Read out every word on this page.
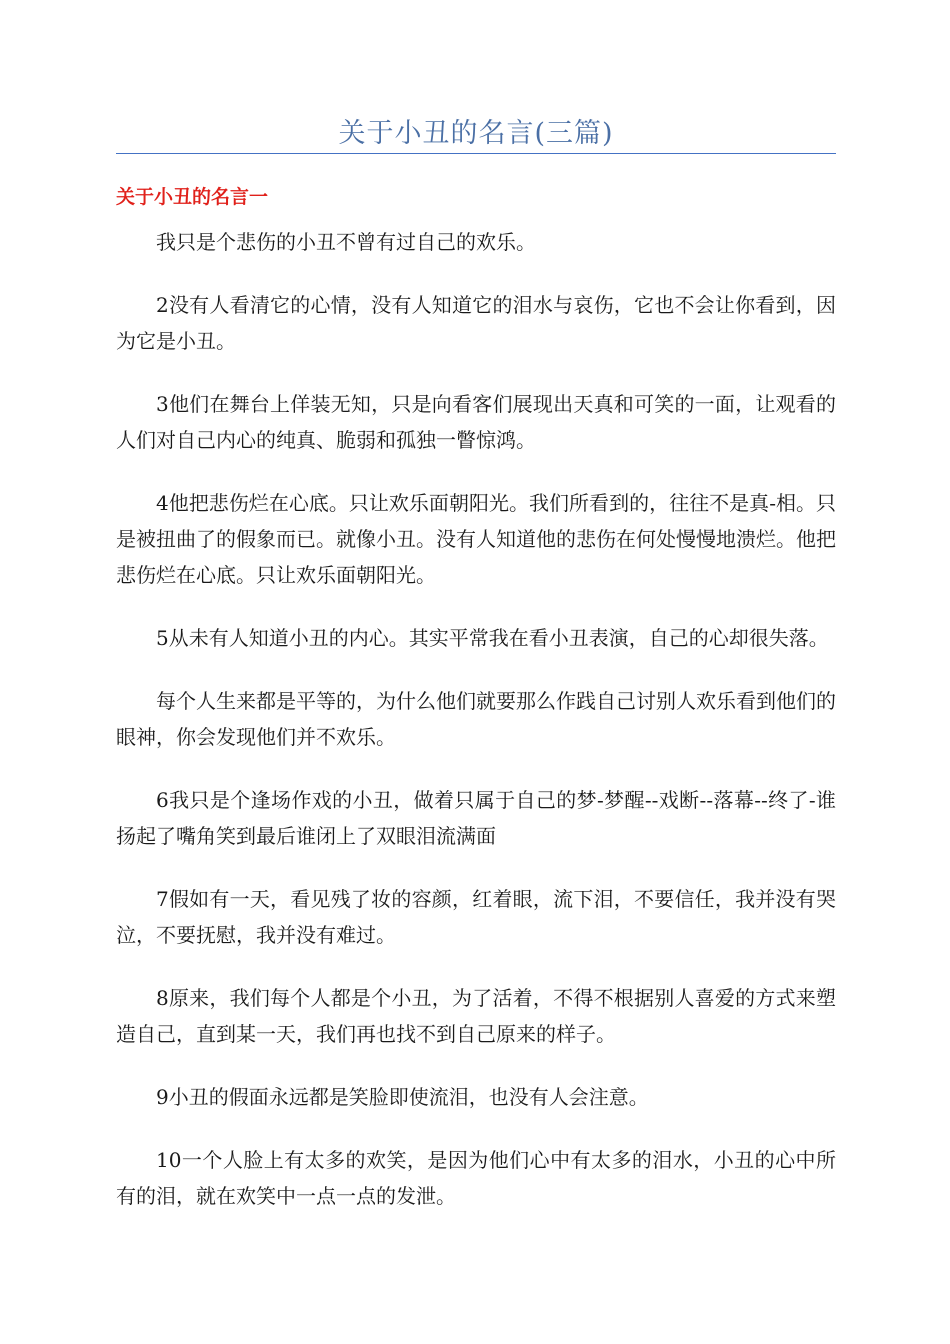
关于小丑的名言(三篇)
关于小丑的名言一

我只是个悲伤的小丑不曾有过自己的欢乐。

2没有人看清它的心情，没有人知道它的泪水与哀伤，它也不会让你看到，因为它是小丑。

3他们在舞台上佯装无知，只是向看客们展现出天真和可笑的一面，让观看的人们对自己内心的纯真、脆弱和孤独一瞥惊鸿。

4他把悲伤烂在心底。只让欢乐面朝阳光。我们所看到的，往往不是真-相。只是被扭曲了的假象而已。就像小丑。没有人知道他的悲伤在何处慢慢地溃烂。他把悲伤烂在心底。只让欢乐面朝阳光。

5从未有人知道小丑的内心。其实平常我在看小丑表演，自己的心却很失落。

每个人生来都是平等的，为什么他们就要那么作践自己讨别人欢乐看到他们的眼神，你会发现他们并不欢乐。

6我只是个逢场作戏的小丑，做着只属于自己的梦-梦醒--戏断--落幕--终了-谁扬起了嘴角笑到最后谁闭上了双眼泪流满面

7假如有一天，看见残了妆的容颜，红着眼，流下泪，不要信任，我并没有哭泣，不要抚慰，我并没有难过。

8原来，我们每个人都是个小丑，为了活着，不得不根据别人喜爱的方式来塑造自己，直到某一天，我们再也找不到自己原来的样子。

9小丑的假面永远都是笑脸即使流泪，也没有人会注意。

10一个人脸上有太多的欢笑，是因为他们心中有太多的泪水，小丑的心中所有的泪，就在欢笑中一点一点的发泄。
